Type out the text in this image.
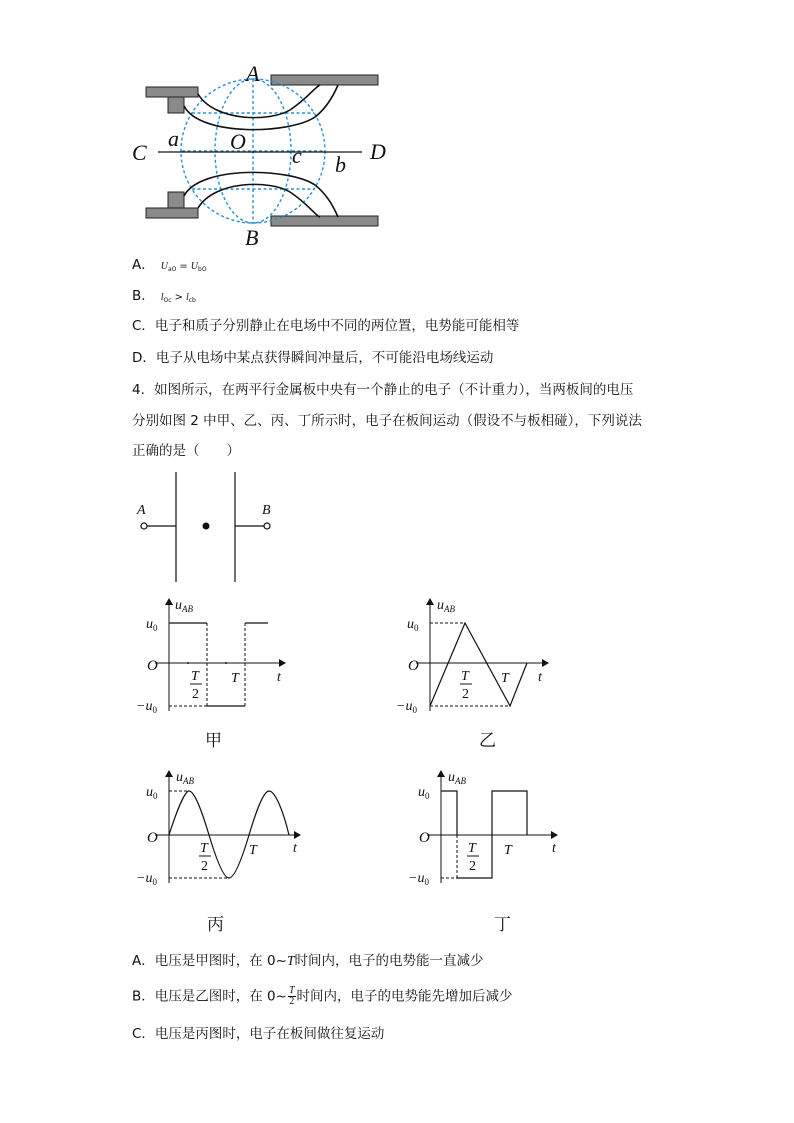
A
B
C	D
a O
c b
A． $U_{aO} = U_{bO}$
B． $l_{Oc} > l_{cb}$
C．电子和质子分别静止在电场中不同的两位置，电势能可能相等
D．电子从电场中某点获得瞬间冲量后，不可能沿电场线运动
4．如图所示，在两平行金属板中央有一个静止的电子（不计重力），当两板间的电压
分别如图 2 中甲、乙、丙、丁所示时，电子在板间运动（假设不与板相碰），下列说法
正确的是（　　）
A	B
$u_{AB}$
$u_0$
$-u_0$
O
t
T
2
T
甲
$u_{AB}$
$u_0$
$-u_0$
O
t
T
2
T
乙
$u_{AB}$
$u_0$
$-u_0$
O
t
T
2
T
丙
$u_{AB}$
$u_0$
$-u_0$
O
t
T
2
T
丁
A．电压是甲图时，在 0~T时间内，电子的电势能一直减少
B．电压是乙图时，在 0~ $\frac{T}{2}$ 时间内，电子的电势能先增加后减少
C．电压是丙图时，电子在板间做往复运动
